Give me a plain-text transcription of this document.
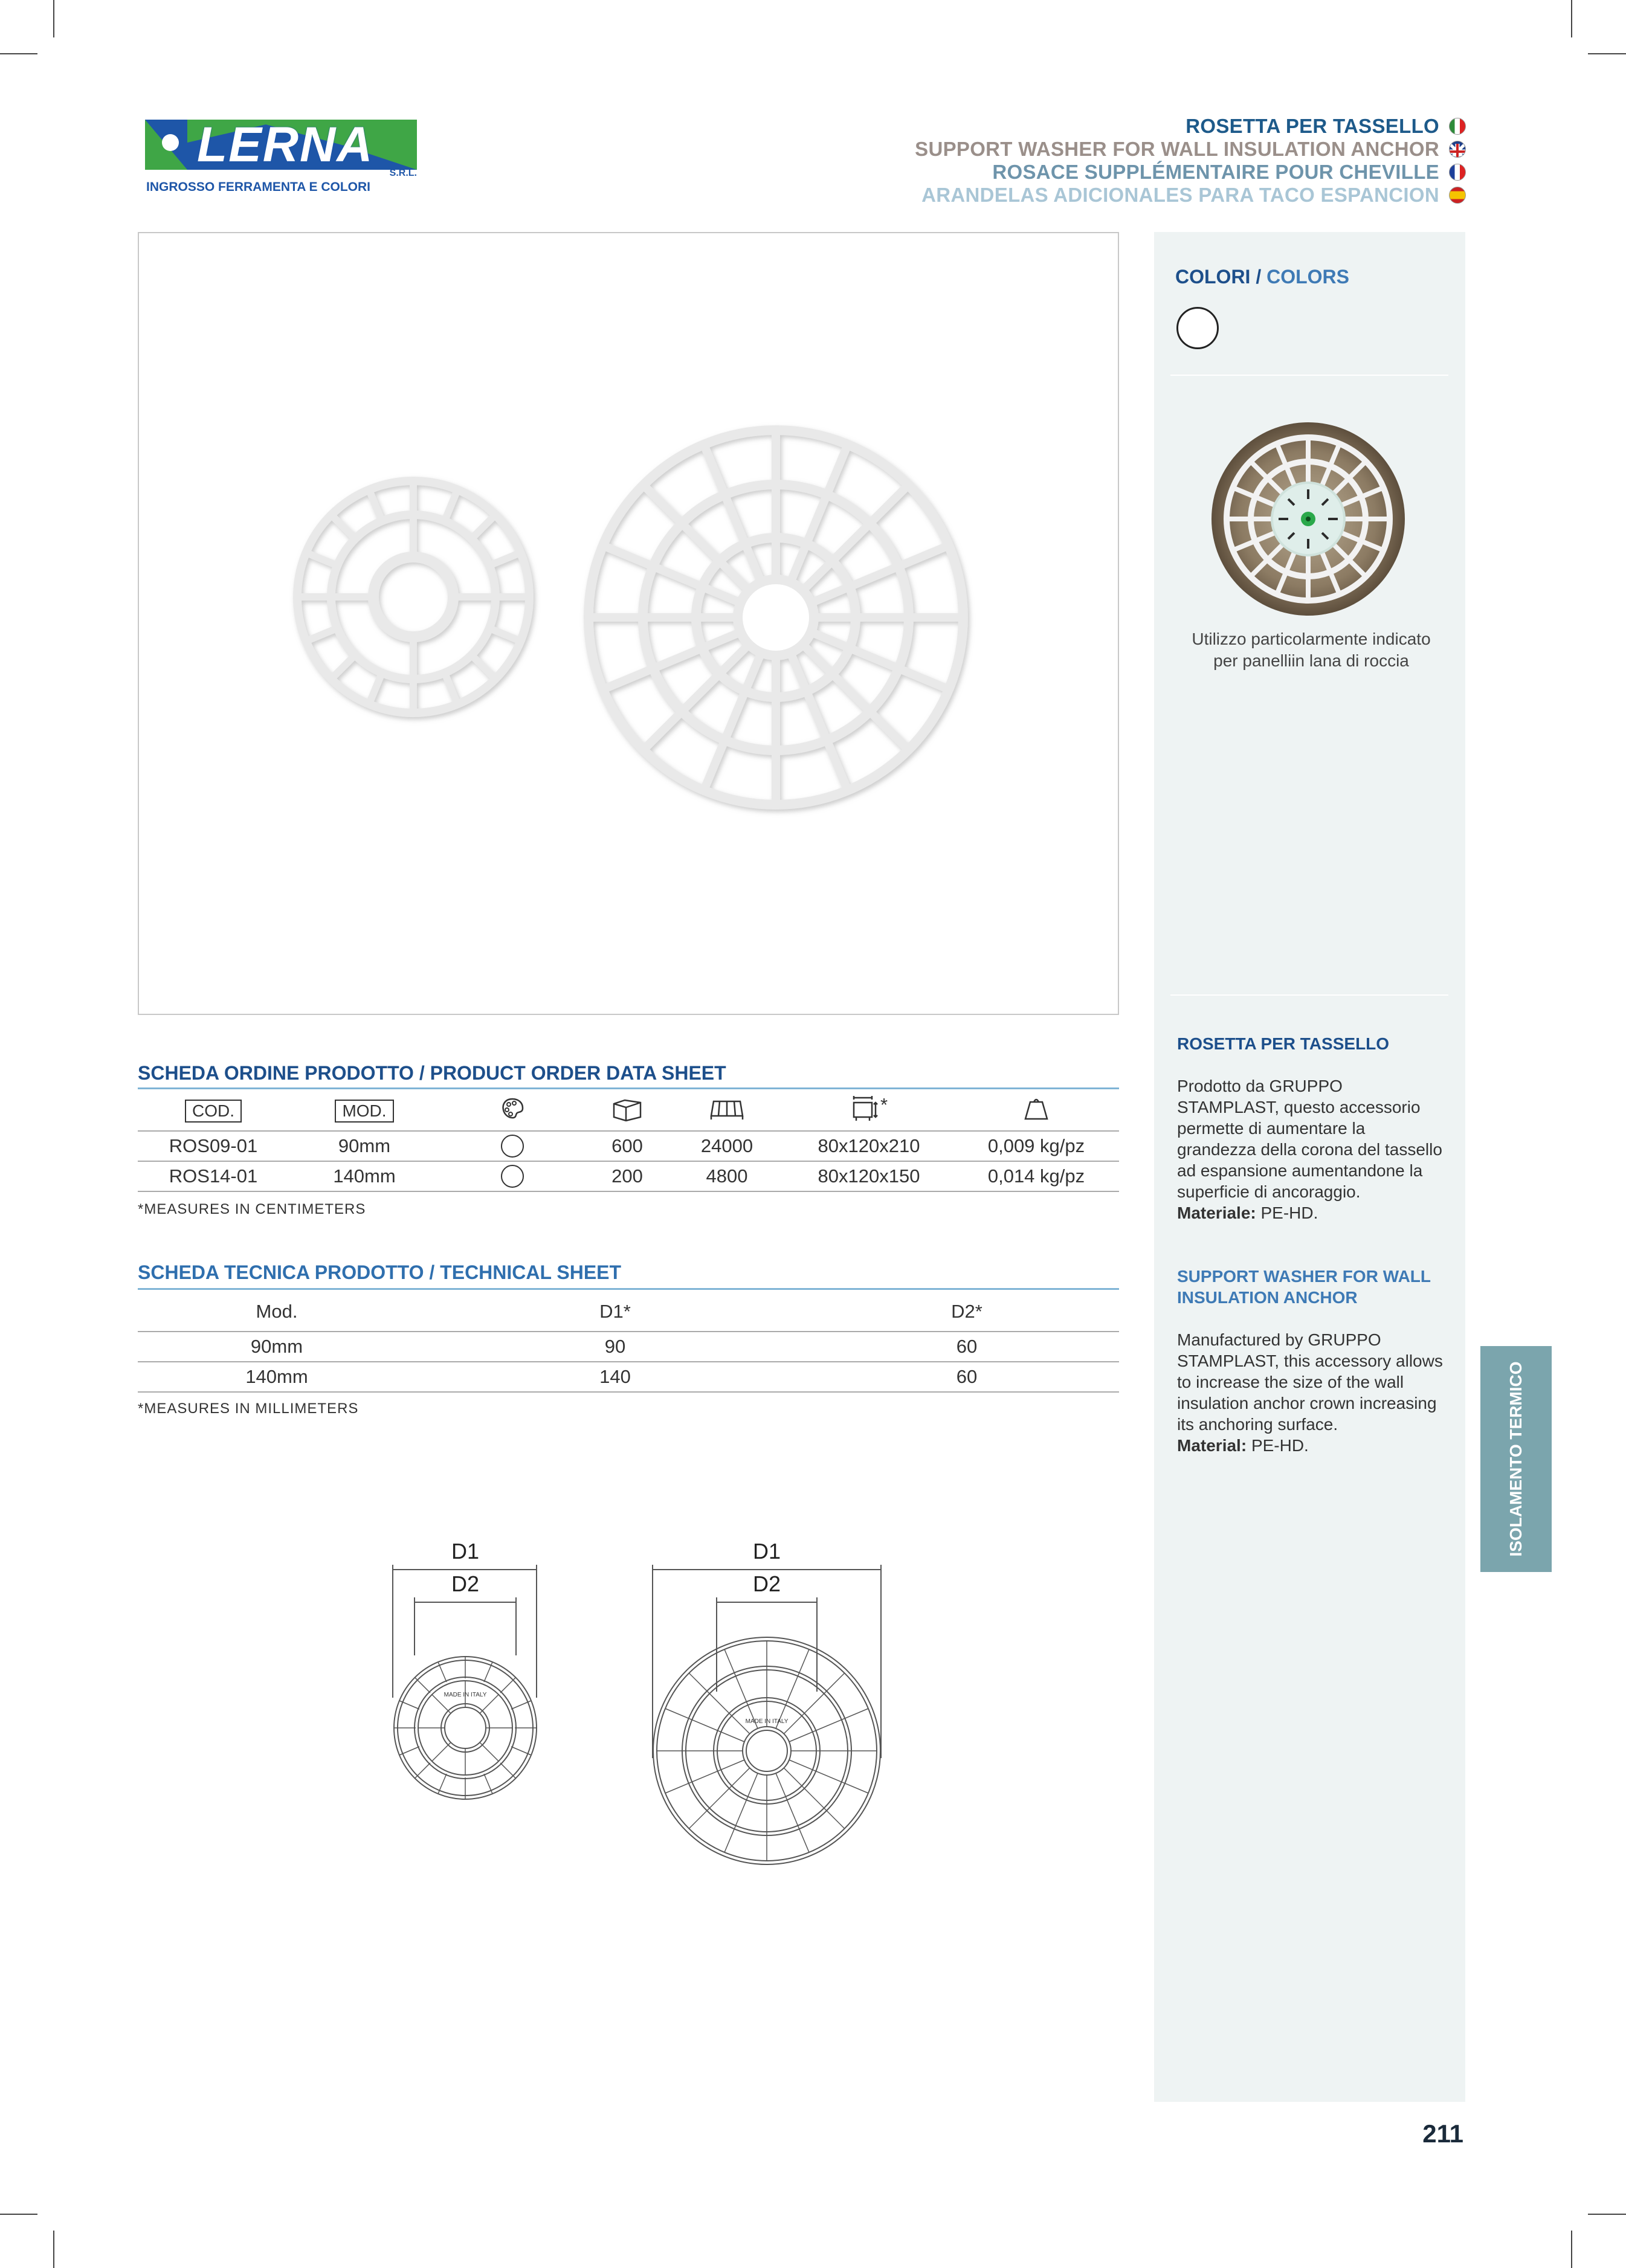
LERNA
S.R.L.
INGROSSO FERRAMENTA E COLORI
ROSETTA PER TASSELLO
SUPPORT WASHER FOR WALL INSULATION ANCHOR
ROSACE SUPPLÉMENTAIRE POUR CHEVILLE
ARANDELAS ADICIONALES PARA TACO ESPANCION
COLORI / COLORS
Utilizzo particolarmente indicato per panelliin lana di roccia
ROSETTA PER TASSELLO
Prodotto da GRUPPO STAMPLAST, questo accessorio permette di aumentare la grandezza della corona del tassello ad espansione aumentandone la superficie di ancoraggio.
Materiale: PE-HD.
SUPPORT WASHER FOR WALL INSULATION ANCHOR
Manufactured by GRUPPO STAMPLAST, this accessory allows to increase the size of the wall insulation anchor crown increasing its anchoring surface.
Material: PE-HD.	ISOLAMENTO TERMICO
SCHEDA ORDINE PRODOTTO / PRODUCT ORDER DATA SHEET
COD.	MOD.				*	
ROS09-01	90mm		600	24000	80x120x210	0,009 kg/pz
ROS14-01	140mm		200	4800	80x120x150	0,014 kg/pz
*MEASURES IN CENTIMETERS
SCHEDA TECNICA PRODOTTO / TECHNICAL SHEET
Mod.	D1*	D2*
90mm	90	60
140mm	140	60
*MEASURES IN MILLIMETERS
D1
D2
D1
D2
MADE IN ITALY
MADE IN ITALY
211
